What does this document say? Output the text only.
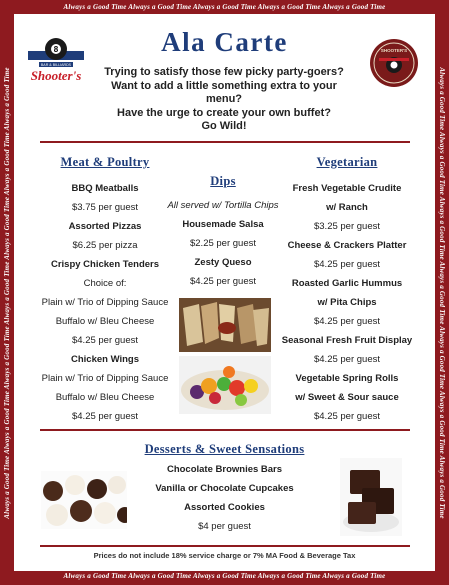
Always a Good Time Always a Good Time Always a Good Time Always a Good Time Always a Good Time
Always a Good Time Always a Good Time Always a Good Time Always a Good Time Always a Good Time
Always a Good Time Always a Good Time Always a Good Time Always a Good Time Always a Good Time Always a Good Time Always a Good Time	Always a Good Time Always a Good Time Always a Good Time Always a Good Time Always a Good Time Always a Good Time Always a Good Time
8
BAR & BILLIARDS
Shooter's
SHOOTER'S
Ala Carte
Trying to satisfy those few picky party-goers?
Want to add a little something extra to your
menu?
Have the urge to create your own buffet?
Go Wild!
Meat & Poultry
BBQ Meatballs
$3.75 per guest
Assorted Pizzas
$6.25 per pizza
Crispy Chicken Tenders
Choice of:
Plain w/ Trio of Dipping Sauce
Buffalo w/ Bleu Cheese
$4.25 per guest
Chicken Wings
Plain w/ Trio of Dipping Sauce
Buffalo w/ Bleu Cheese
$4.25 per guest
Dips
All served w/ Tortilla Chips
Housemade Salsa
$2.25 per guest
Zesty Queso
$4.25 per guest
Vegetarian
Fresh Vegetable Crudite
w/ Ranch
$3.25 per guest
Cheese & Crackers Platter
$4.25 per guest
Roasted Garlic Hummus
w/ Pita Chips
$4.25 per guest
Seasonal Fresh Fruit Display
$4.25 per guest
Vegetable Spring Rolls
w/ Sweet & Sour sauce
$4.25 per guest
Desserts & Sweet Sensations
Chocolate Brownies Bars
Vanilla or Chocolate Cupcakes
Assorted Cookies
$4 per guest
Prices do not include 18% service charge or 7% MA Food & Beverage Tax
